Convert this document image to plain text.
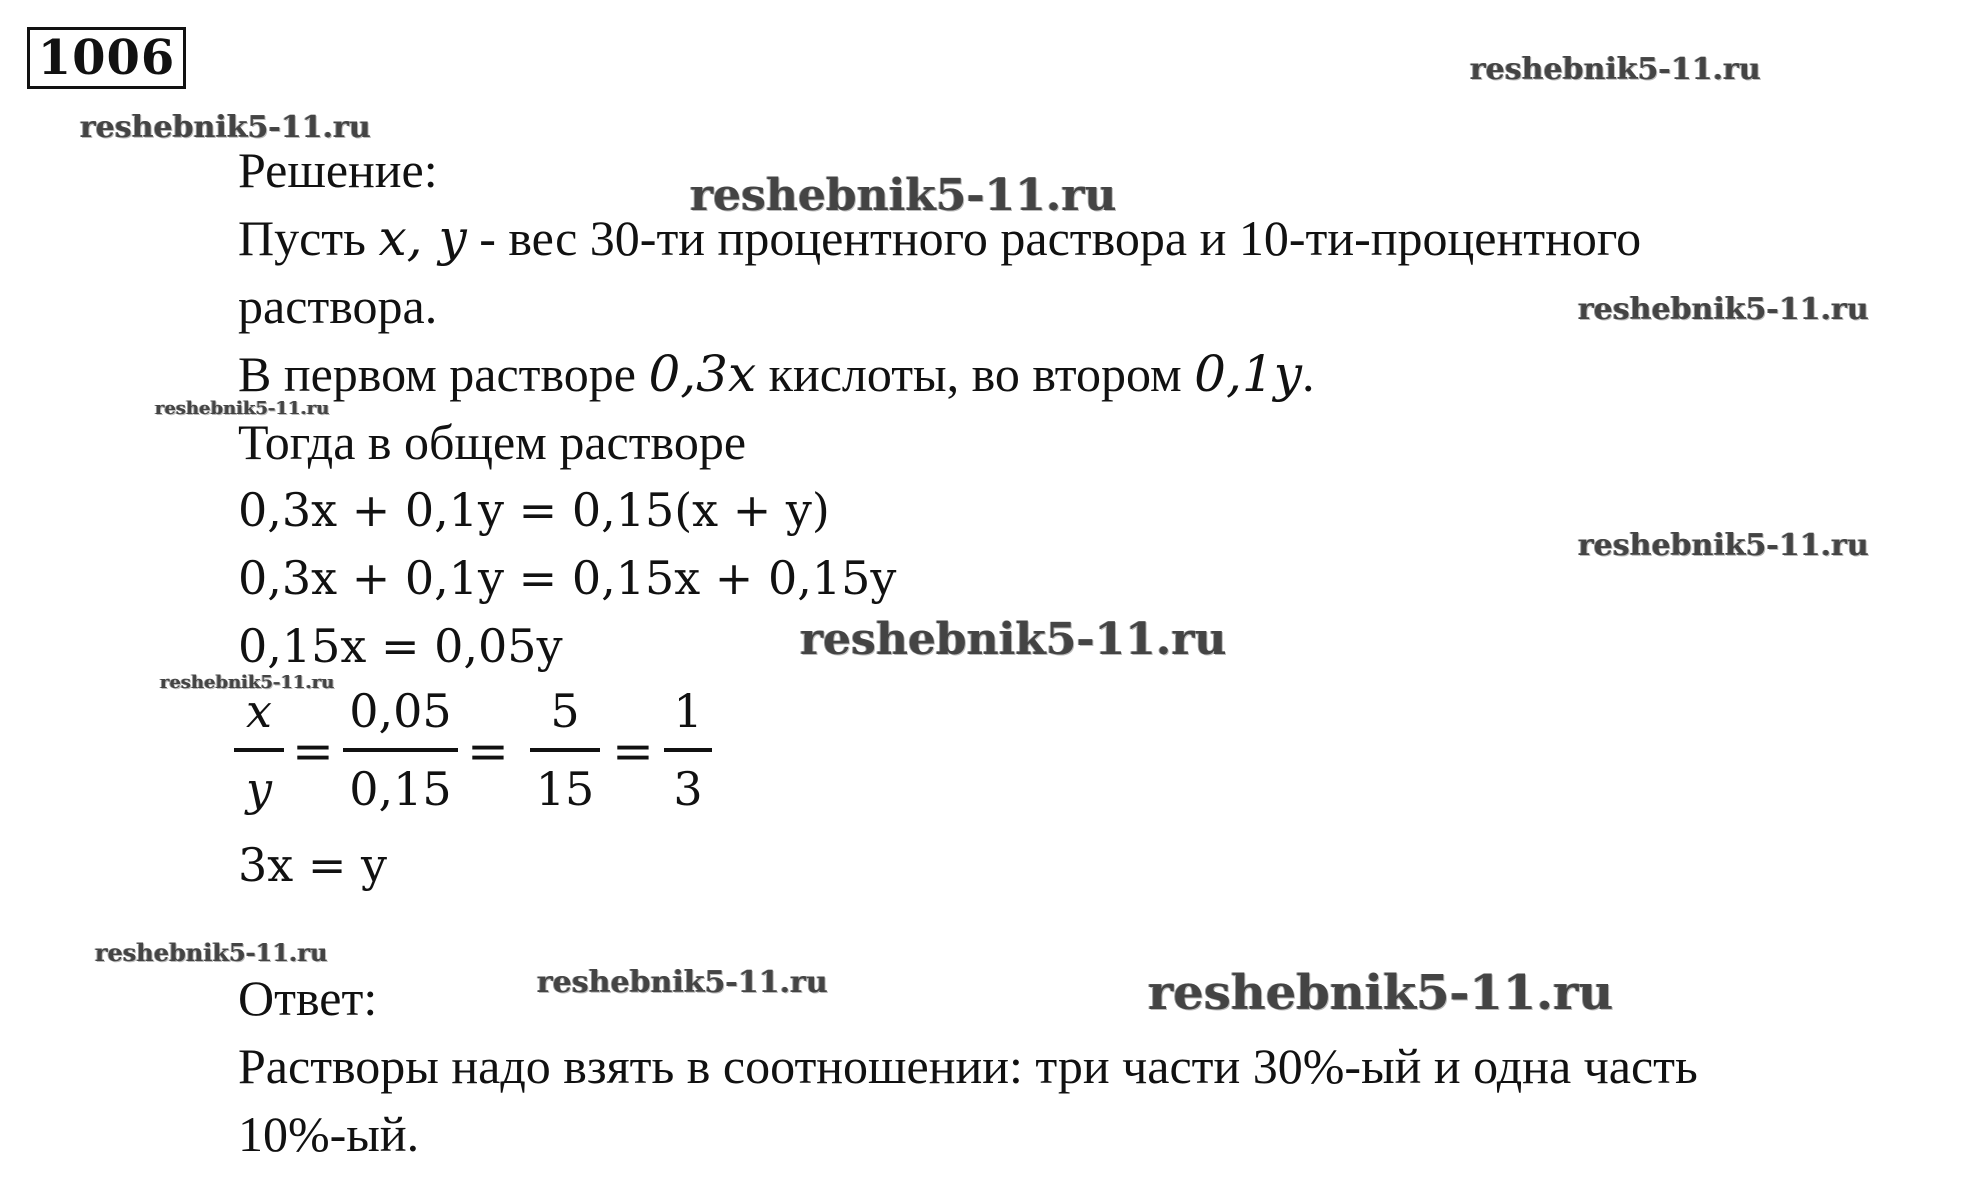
1006	reshebnik5-11.ru
reshebnik5-11.ru
reshebnik5-11.ru
reshebnik5-11.ru
reshebnik5-11.ru
reshebnik5-11.ru
reshebnik5-11.ru
reshebnik5-11.ru
reshebnik5-11.ru
reshebnik5-11.ru	reshebnik5-11.ru
Решение:
Пусть x, y - вес 30-ти процентного раствора и 10-ти-процентного
раствора.
В первом растворе 0,3x кислоты, во втором 0,1y.
Тогда в общем растворе
0,3x + 0,1y = 0,15(x + y)
0,3x + 0,1y = 0,15x + 0,15y
0,15x = 0,05y
x
y
=
0,05
0,15
=
5
15
=
1
3
3x = y
Ответ:
Растворы надо взять в соотношении: три части 30%-ый и одна часть
10%-ый.
